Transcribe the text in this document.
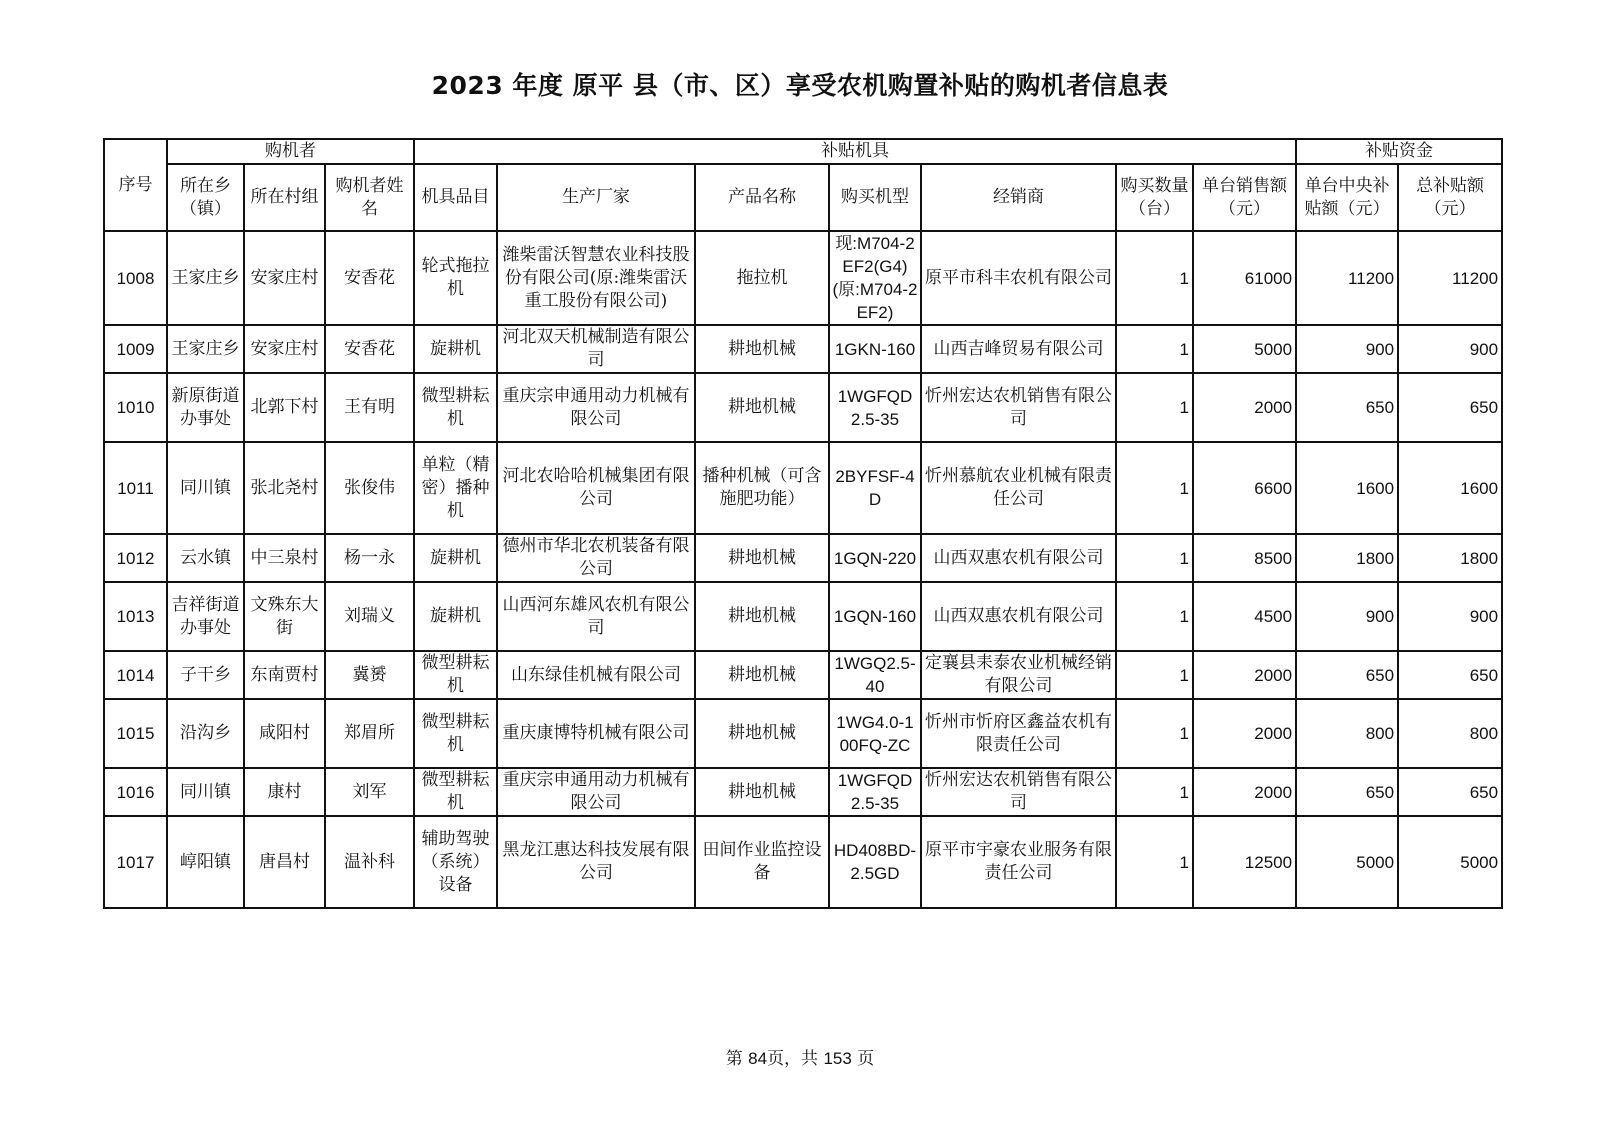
2023 年度 原平 县（市、区）享受农机购置补贴的购机者信息表
序号	购机者			补贴机具							补贴资金	
	所在乡（镇）	所在村组	购机者姓名	机具品目	生产厂家	产品名称	购买机型	经销商	购买数量（台）	单台销售额（元）	单台中央补贴额（元）	总补贴额（元）
1008	王家庄乡	安家庄村	安香花	轮式拖拉机	潍柴雷沃智慧农业科技股份有限公司(原:潍柴雷沃重工股份有限公司)	拖拉机	现:M704-2EF2(G4)(原:M704-2EF2)	原平市科丰农机有限公司	1	61000	11200	11200
1009	王家庄乡	安家庄村	安香花	旋耕机	河北双天机械制造有限公司	耕地机械	1GKN-160	山西吉峰贸易有限公司	1	5000	900	900
1010	新原街道办事处	北郭下村	王有明	微型耕耘机	重庆宗申通用动力机械有限公司	耕地机械	1WGFQD2.5-35	忻州宏达农机销售有限公司	1	2000	650	650
1011	同川镇	张北尧村	张俊伟	单粒（精密）播种机	河北农哈哈机械集团有限公司	播种机械（可含施肥功能）	2BYFSF-4D	忻州慕航农业机械有限责任公司	1	6600	1600	1600
1012	云水镇	中三泉村	杨一永	旋耕机	德州市华北农机装备有限公司	耕地机械	1GQN-220	山西双惠农机有限公司	1	8500	1800	1800
1013	吉祥街道办事处	文殊东大街	刘瑞义	旋耕机	山西河东雄风农机有限公司	耕地机械	1GQN-160	山西双惠农机有限公司	1	4500	900	900
1014	子干乡	东南贾村	冀赟	微型耕耘机	山东绿佳机械有限公司	耕地机械	1WGQ2.5-40	定襄县耒泰农业机械经销有限公司	1	2000	650	650
1015	沿沟乡	咸阳村	郑眉所	微型耕耘机	重庆康博特机械有限公司	耕地机械	1WG4.0-100FQ-ZC	忻州市忻府区鑫益农机有限责任公司	1	2000	800	800
1016	同川镇	康村	刘军	微型耕耘机	重庆宗申通用动力机械有限公司	耕地机械	1WGFQD2.5-35	忻州宏达农机销售有限公司	1	2000	650	650
1017	崞阳镇	唐昌村	温补科	辅助驾驶（系统）设备	黑龙江惠达科技发展有限公司	田间作业监控设备	HD408BD-2.5GD	原平市宇豪农业服务有限责任公司	1	12500	5000	5000
第 84页，共 153 页
